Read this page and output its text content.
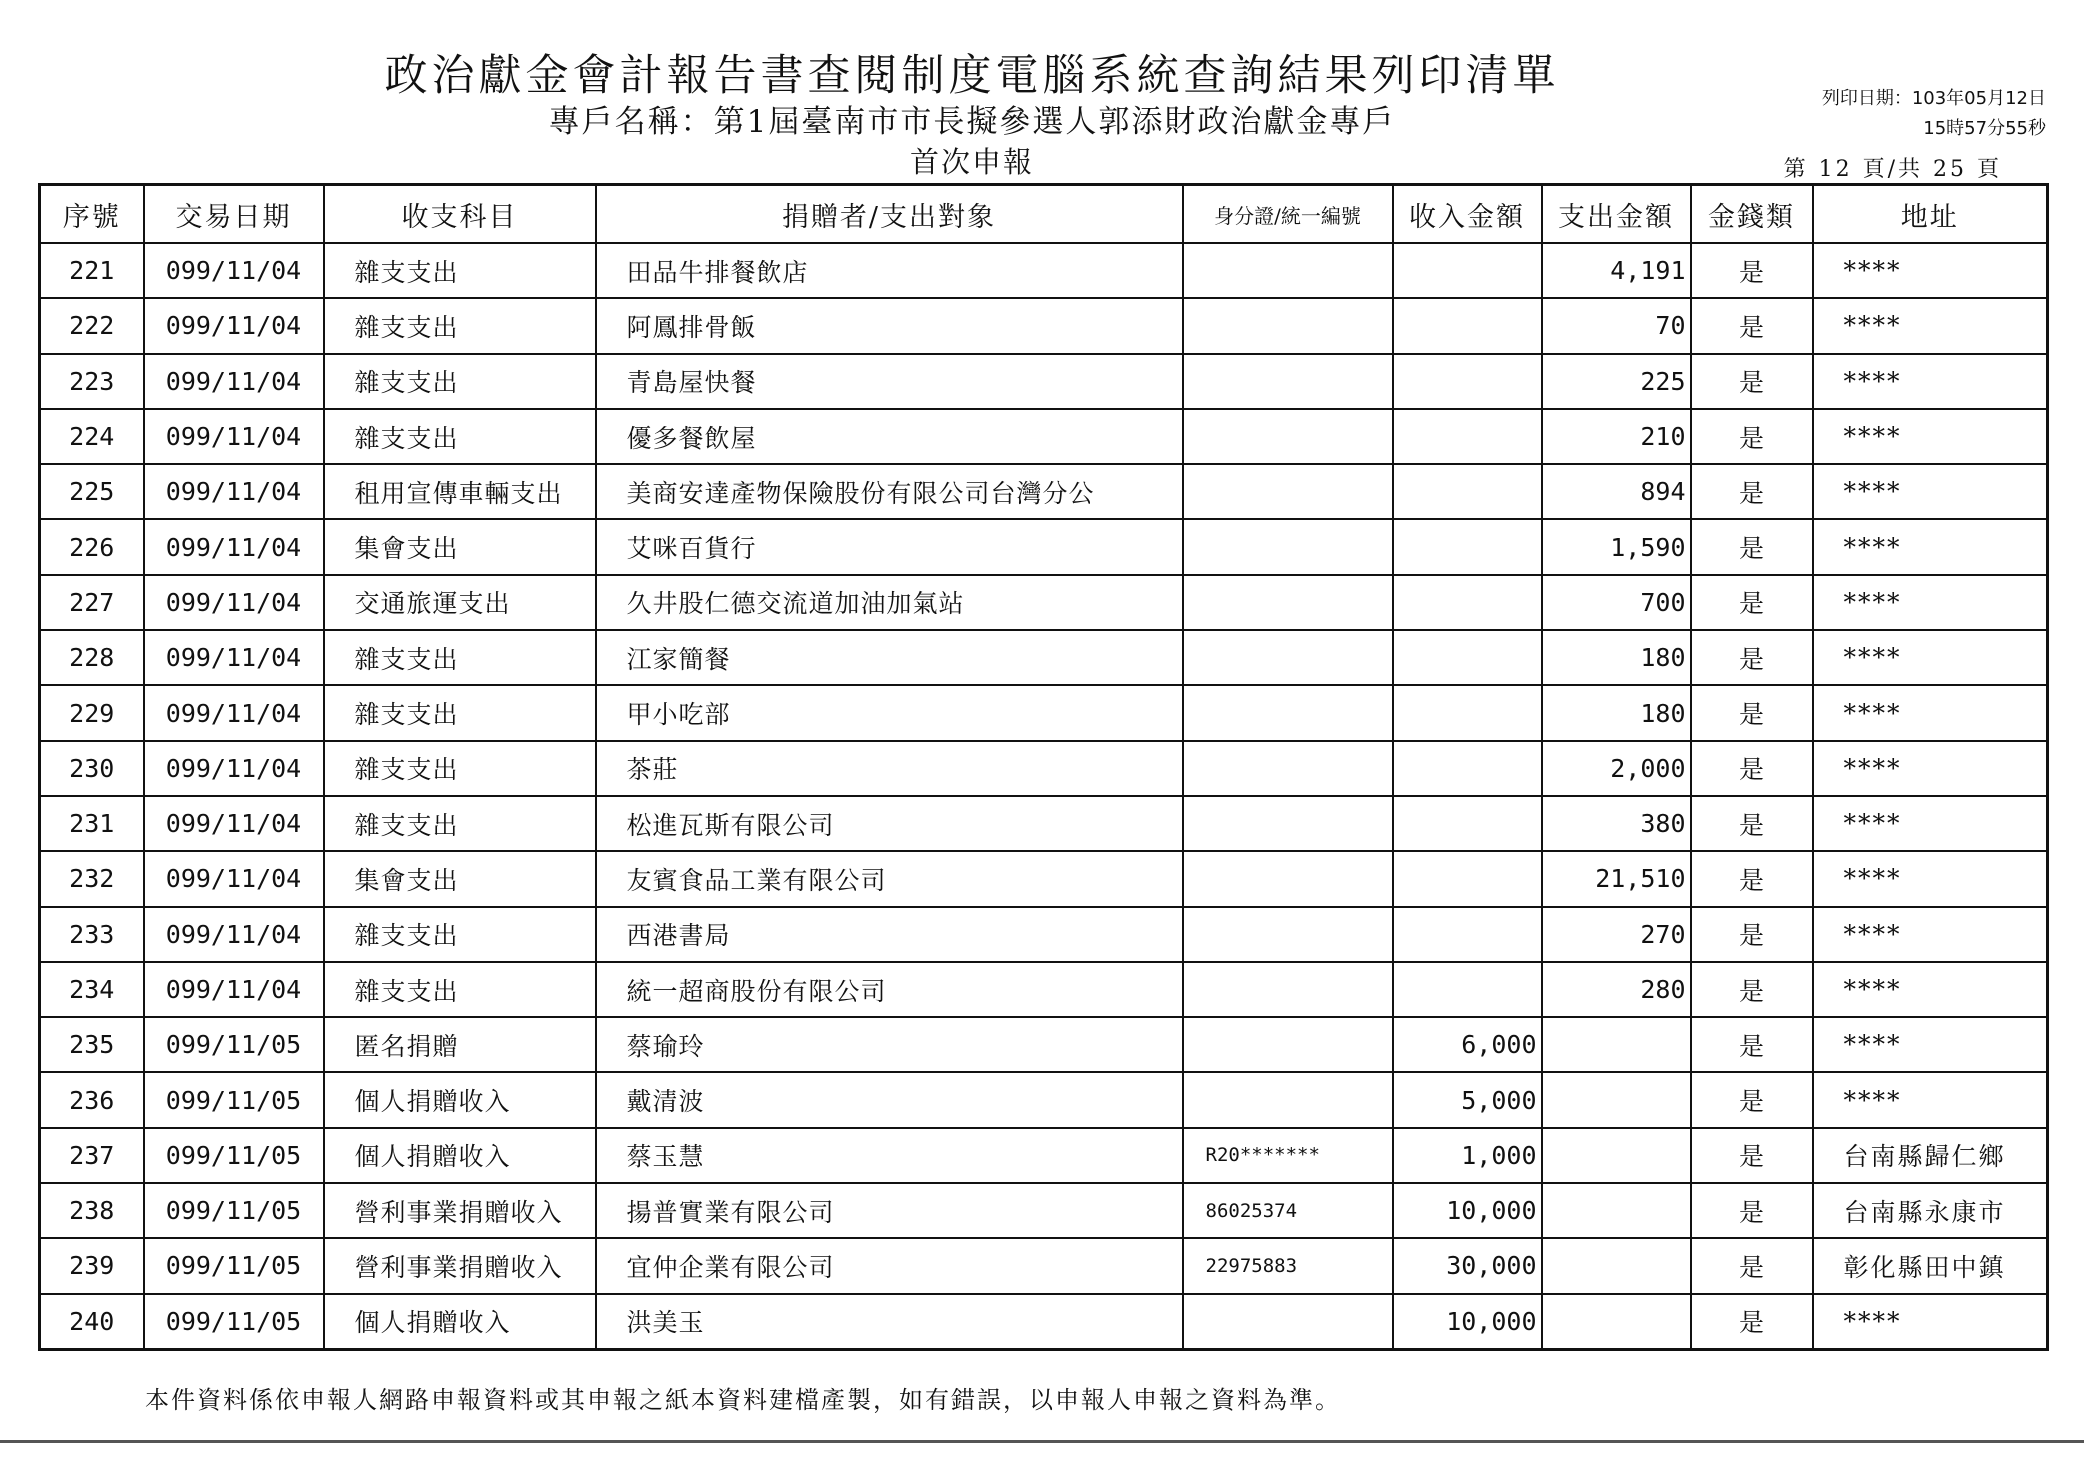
政治獻金會計報告書查閱制度電腦系統查詢結果列印清單
專戶名稱：第1屆臺南市市長擬參選人郭添財政治獻金專戶
首次申報
列印日期：103年05月12日
15時57分55秒
第 12 頁/共 25 頁
序號	交易日期	收支科目	捐贈者/支出對象	身分證/統一編號	收入金額	支出金額	金錢類	地址
221	099/11/04	雜支支出	田品牛排餐飲店			4,191	是	****
222	099/11/04	雜支支出	阿鳳排骨飯			70	是	****
223	099/11/04	雜支支出	青島屋快餐			225	是	****
224	099/11/04	雜支支出	優多餐飲屋			210	是	****
225	099/11/04	租用宣傳車輛支出	美商安達產物保險股份有限公司台灣分公			894	是	****
226	099/11/04	集會支出	艾咪百貨行			1,590	是	****
227	099/11/04	交通旅運支出	久井股仁德交流道加油加氣站			700	是	****
228	099/11/04	雜支支出	江家簡餐			180	是	****
229	099/11/04	雜支支出	甲小吃部			180	是	****
230	099/11/04	雜支支出	茶莊			2,000	是	****
231	099/11/04	雜支支出	松進瓦斯有限公司			380	是	****
232	099/11/04	集會支出	友賓食品工業有限公司			21,510	是	****
233	099/11/04	雜支支出	西港書局			270	是	****
234	099/11/04	雜支支出	統一超商股份有限公司			280	是	****
235	099/11/05	匿名捐贈	蔡瑜玲		6,000		是	****
236	099/11/05	個人捐贈收入	戴清波		5,000		是	****
237	099/11/05	個人捐贈收入	蔡玉慧	R20*******	1,000		是	台南縣歸仁鄉
238	099/11/05	營利事業捐贈收入	揚普實業有限公司	86025374	10,000		是	台南縣永康市
239	099/11/05	營利事業捐贈收入	宜仲企業有限公司	22975883	30,000		是	彰化縣田中鎮
240	099/11/05	個人捐贈收入	洪美玉		10,000		是	****
本件資料係依申報人網路申報資料或其申報之紙本資料建檔產製，如有錯誤，以申報人申報之資料為準。
